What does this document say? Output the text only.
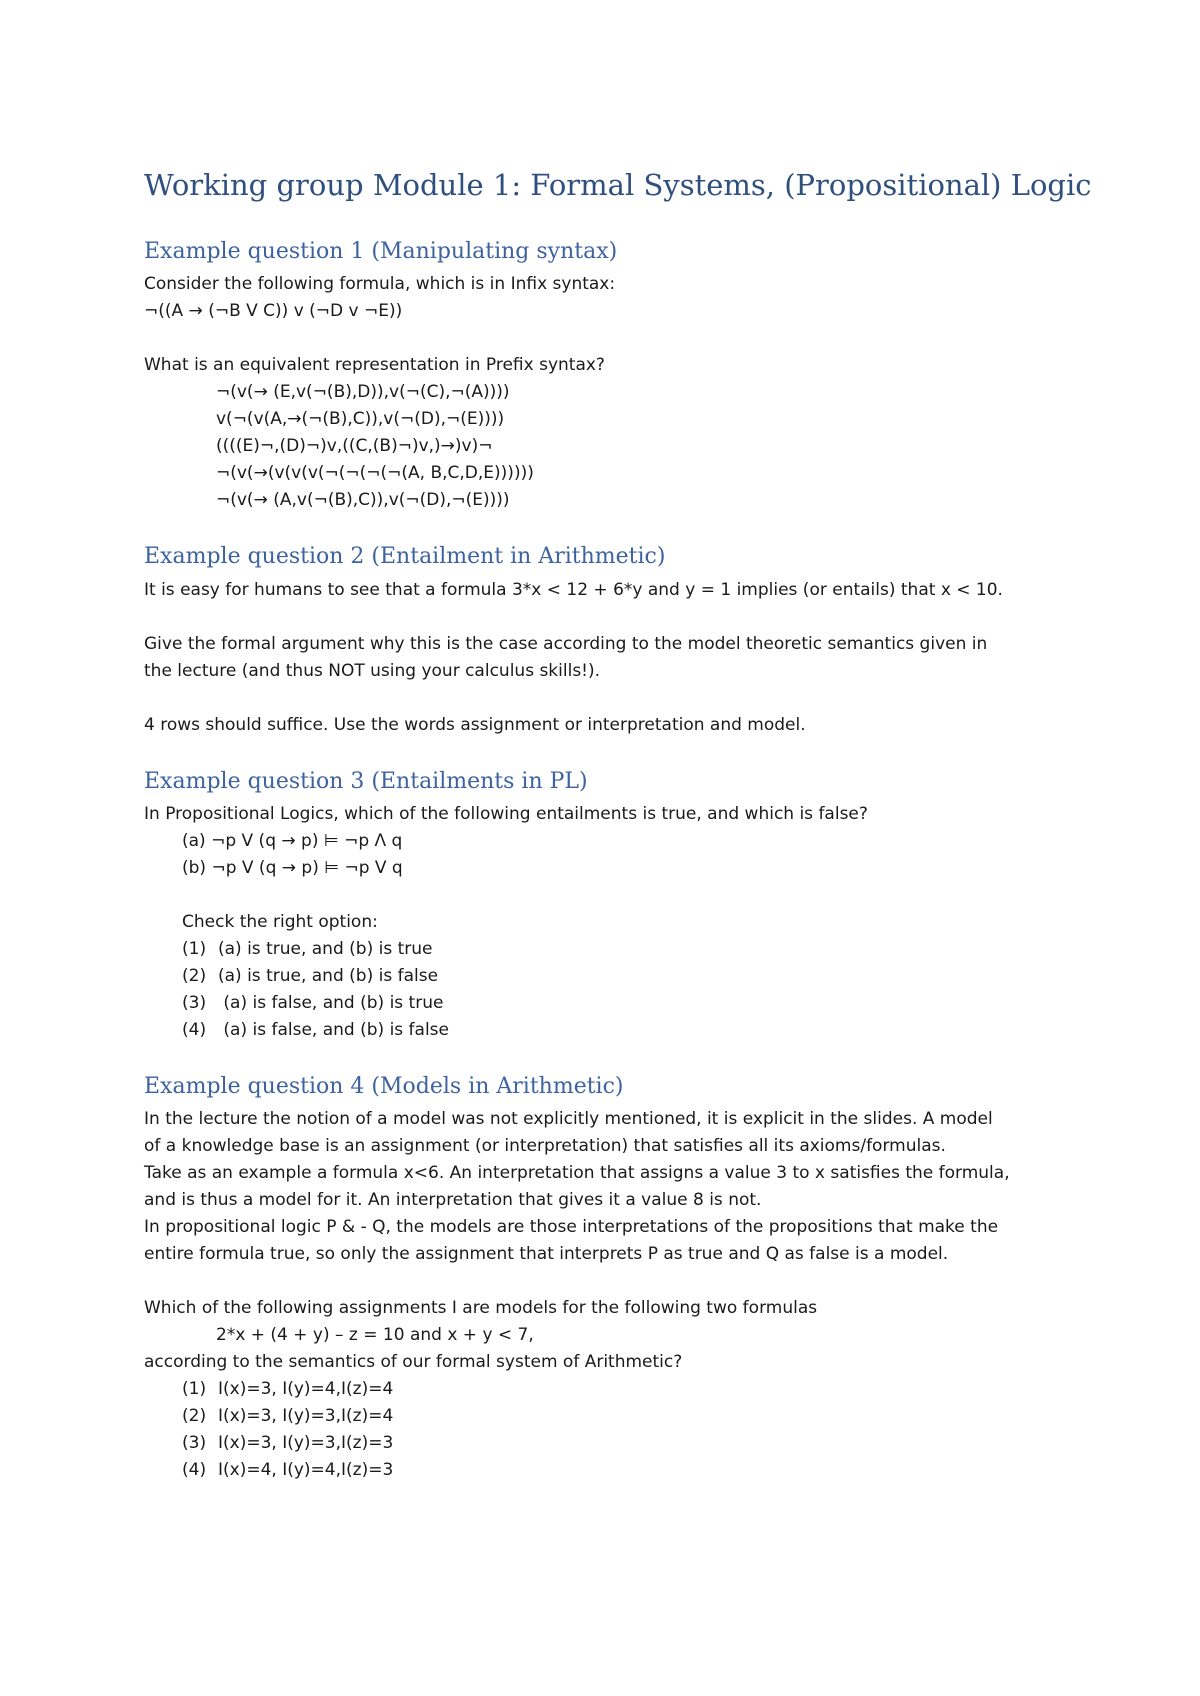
Working group Module 1: Formal Systems, (Propositional) Logic
Example question 1 (Manipulating syntax)

Consider the following formula, which is in Infix syntax:

¬((A → (¬B V C)) v (¬D v ¬E))

What is an equivalent representation in Prefix syntax?

¬(v(→ (E,v(¬(B),D)),v(¬(C),¬(A))))

v(¬(v(A,→(¬(B),C)),v(¬(D),¬(E))))

((((E)¬,(D)¬)v,((C,(B)¬)v,)→)v)¬

¬(v(→(v(v(v(¬(¬(¬(¬(A, B,C,D,E))))))

¬(v(→ (A,v(¬(B),C)),v(¬(D),¬(E))))

Example question 2 (Entailment in Arithmetic)

It is easy for humans to see that a formula 3*x < 12 + 6*y and y = 1 implies (or entails) that x < 10.

Give the formal argument why this is the case according to the model theoretic semantics given in

the lecture (and thus NOT using your calculus skills!).

4 rows should suffice. Use the words assignment or interpretation and model.

Example question 3 (Entailments in PL)

In Propositional Logics, which of the following entailments is true, and which is false?

(a) ¬p V (q → p) ⊨ ¬p Λ q

(b) ¬p V (q → p) ⊨ ¬p V q

Check the right option:

(1) (a) is true, and (b) is true

(2) (a) is true, and (b) is false

(3) (a) is false, and (b) is true

(4) (a) is false, and (b) is false

Example question 4 (Models in Arithmetic)

In the lecture the notion of a model was not explicitly mentioned, it is explicit in the slides. A model

of a knowledge base is an assignment (or interpretation) that satisfies all its axioms/formulas.

Take as an example a formula x<6. An interpretation that assigns a value 3 to x satisfies the formula,

and is thus a model for it. An interpretation that gives it a value 8 is not.

In propositional logic P & - Q, the models are those interpretations of the propositions that make the

entire formula true, so only the assignment that interprets P as true and Q as false is a model.

Which of the following assignments I are models for the following two formulas

2*x + (4 + y) – z = 10 and x + y < 7,

according to the semantics of our formal system of Arithmetic?

(1) I(x)=3, I(y)=4,I(z)=4

(2) I(x)=3, I(y)=3,I(z)=4

(3) I(x)=3, I(y)=3,I(z)=3

(4) I(x)=4, I(y)=4,I(z)=3
